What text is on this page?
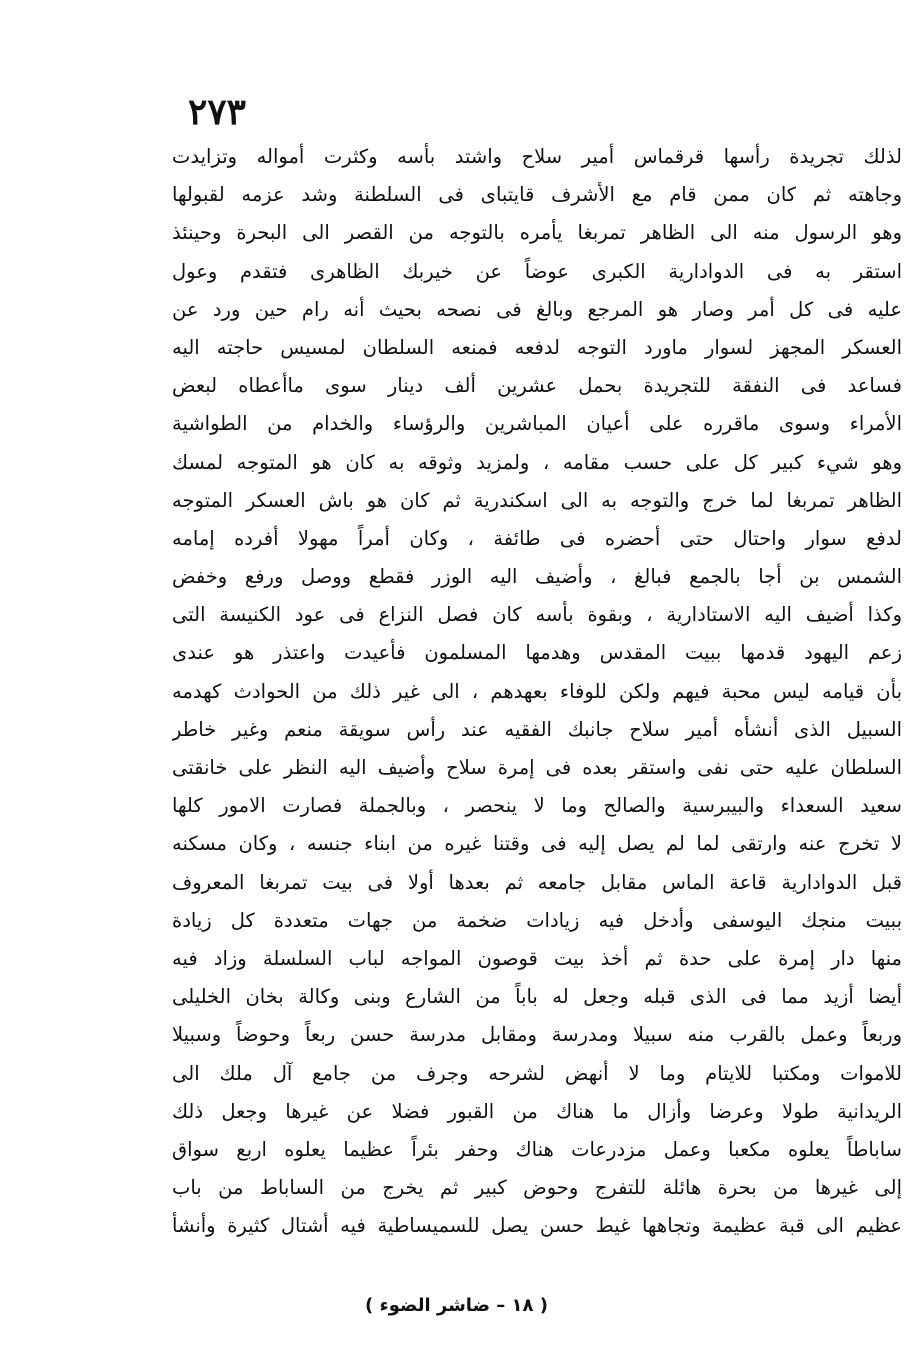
٢٧٣
لذلك تجريدة رأسها قرقماس أمير سلاح واشتد بأسه وكثرت أمواله وتزايدت
وجاهته ثم كان ممن قام مع الأشرف قايتباى فى السلطنة وشد عزمه لقبولها
وهو الرسول منه الى الظاهر تمربغا يأمره بالتوجه من القصر الى البحرة وحينئذ
استقر به فى الدوادارية الكبرى عوضاً عن خيربك الظاهرى فتقدم وعول
عليه فى كل أمر وصار هو المرجع وبالغ فى نصحه بحيث أنه رام حين ورد عن
العسكر المجهز لسوار ماورد التوجه لدفعه فمنعه السلطان لمسيس حاجته اليه
فساعد فى النفقة للتجريدة بحمل عشرين ألف دينار سوى ماأعطاه لبعض
الأمراء وسوى ماقرره على أعيان المباشرين والرؤساء والخدام من الطواشية
وهو شيء كبير كل على حسب مقامه ، ولمزيد وثوقه به كان هو المتوجه لمسك
الظاهر تمربغا لما خرج والتوجه به الى اسكندرية ثم كان هو باش العسكر المتوجه
لدفع سوار واحتال حتى أحضره فى طائفة ، وكان أمراً مهولا أفرده إمامه
الشمس بن أجا بالجمع فبالغ ، وأضيف اليه الوزر فقطع ووصل ورفع وخفض
وكذا أضيف اليه الاستادارية ، وبقوة بأسه كان فصل النزاع فى عود الكنيسة التى
زعم اليهود قدمها ببيت المقدس وهدمها المسلمون فأعيدت واعتذر هو عندى
بأن قيامه ليس محبة فيهم ولكن للوفاء بعهدهم ، الى غير ذلك من الحوادث كهدمه
السبيل الذى أنشأه أمير سلاح جانبك الفقيه عند رأس سويقة منعم وغير خاطر
السلطان عليه حتى نفى واستقر بعده فى إمرة سلاح وأضيف اليه النظر على خانقتى
سعيد السعداء والبيبرسية والصالح وما لا ينحصر ، وبالجملة فصارت الامور كلها
لا تخرج عنه وارتقى لما لم يصل إليه فى وقتنا غيره من ابناء جنسه ، وكان مسكنه
قبل الدوادارية قاعة الماس مقابل جامعه ثم بعدها أولا فى بيت تمربغا المعروف
ببيت منجك اليوسفى وأدخل فيه زيادات ضخمة من جهات متعددة كل زيادة
منها دار إمرة على حدة ثم أخذ بيت قوصون المواجه لباب السلسلة وزاد فيه
أيضا أزيد مما فى الذى قبله وجعل له باباً من الشارع وبنى وكالة بخان الخليلى
وربعاً وعمل بالقرب منه سبيلا ومدرسة ومقابل مدرسة حسن ربعاً وحوضاً وسبيلا
للاموات ومكتبا للايتام وما لا أنهض لشرحه وجرف من جامع آل ملك الى
الريدانية طولا وعرضا وأزال ما هناك من القبور فضلا عن غيرها وجعل ذلك
ساباطاً يعلوه مكعبا وعمل مزدرعات هناك وحفر بئراً عظيما يعلوه اربع سواق
إلى غيرها من بحرة هائلة للتفرج وحوض كبير ثم يخرج من الساباط من باب
عظيم الى قبة عظيمة وتجاهها غيط حسن يصل للسميساطية فيه أشتال كثيرة وأنشأ
( ١٨ – ضاشر الضوء )
